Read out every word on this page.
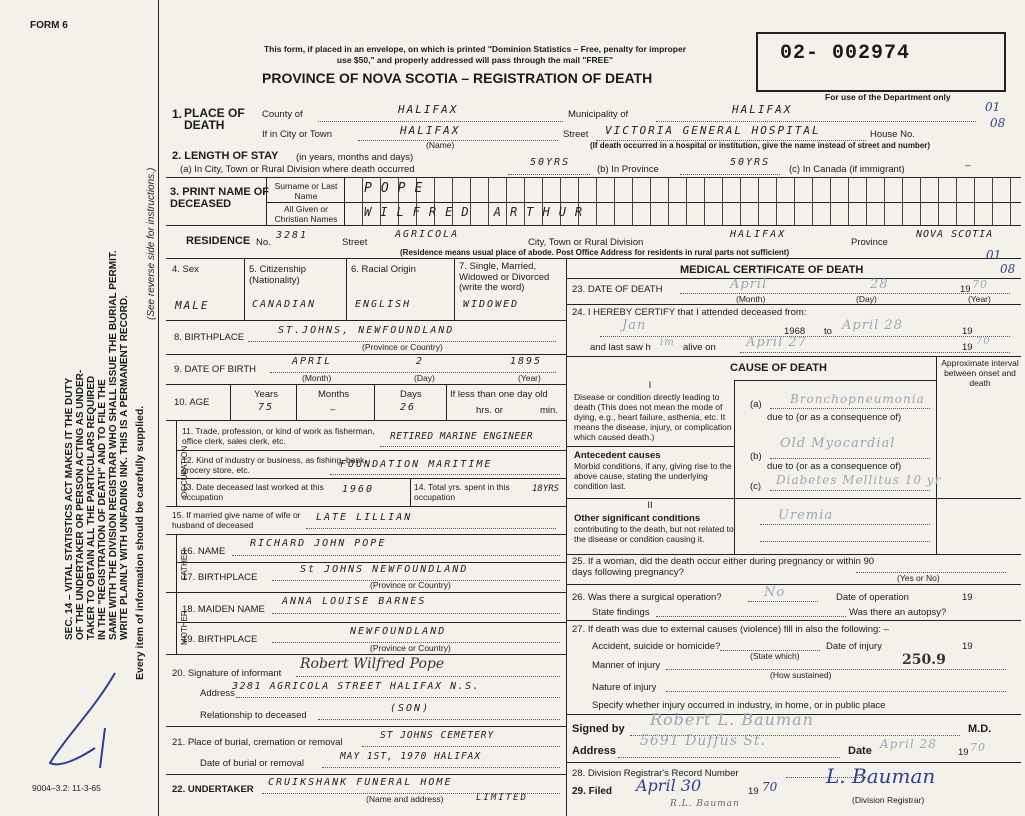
FORM 6
SEC. 14 – VITAL STATISTICS ACT MAKES IT THE DUTY OF THE UNDERTAKER OR PERSON ACTING AS UNDER- TAKER TO OBTAIN ALL THE PARTICULARS REQUIRED IN THE "REGISTRATION OF DEATH" AND TO FILE THE SAME WITH THE DIVISION REGISTRAR WHO SHALL ISSUE THE BURIAL PERMIT. WRITE PLAINLY WITH UNFADING INK. THIS IS A PERMANENT RECORD. Every item of information should be carefully supplied.
(See reverse side for instructions.)
9004–3.2: 11-3-65
This form, if placed in an envelope, on which is printed "Dominion Statistics – Free, penalty for improper
use $50," and properly addressed will pass through the mail "FREE"
PROVINCE OF NOVA SCOTIA – REGISTRATION OF DEATH
02- 002974
For use of the Department only
01
08
1. PLACE OF DEATH
County of	HALIFAX	Municipality of	HALIFAX
If in City or Town	HALIFAX
(Name)
Street VICTORIA GENERAL HOSPITAL	House No.
(If death occurred in a hospital or institution, give the name instead of street and number)
2. LENGTH OF STAY (in years, months and days)
(a) In City, Town or Rural Division where death occurred
50YRS
(b) In Province
50YRS
(c) In Canada (if immigrant)	–
3. PRINT NAME OF DECEASED
Surname or Last Name
All Given or Christian Names
POPE
WILFRED ARTHUR
RESIDENCE No.
3281
Street
AGRICOLA
City, Town or Rural Division
HALIFAX
Province
NOVA SCOTIA
(Residence means usual place of abode. Post Office Address for residents in rural parts not sufficient)
4. Sex
MALE
5. Citizenship (Nationality)
CANADIAN
6. Racial Origin
ENGLISH
7. Single, Married, Widowed or Divorced (write the word)
WIDOWED
8. BIRTHPLACE
ST.JOHNS, NEWFOUNDLAND
(Province or Country)
9. DATE OF BIRTH
APRIL	2	1895
(Month)	(Day)	(Year)
10. AGE
Years
75
Months
–
Days
26
If less than one day old
hrs. or	min.
OCCUPATION
11. Trade, profession, or kind of work as fisherman, office clerk, sales clerk, etc.	RETIRED MARINE ENGINEER
12. Kind of industry or business, as fishing, bank, grocery store, etc.	FOUNDATION MARITIME
13. Date deceased last worked at this occupation
1960	14. Total yrs. spent in this occupation
18YRS
15. If married give name of wife or husband of deceased
LATE LILLIAN
FATHER
16. NAME
RICHARD JOHN POPE
17. BIRTHPLACE
St JOHNS NEWFOUNDLAND
(Province or Country)
MOTHER
18. MAIDEN NAME
ANNA LOUISE BARNES
19. BIRTHPLACE
NEWFOUNDLAND
(Province or Country)
20. Signature of informant
Robert Wilfred Pope
Address
3281 AGRICOLA STREET HALIFAX N.S.
Relationship to deceased
(SON)
21. Place of burial, cremation or removal
ST JOHNS CEMETERY
Date of burial or removal
MAY 1ST, 1970 HALIFAX
22. UNDERTAKER
CRUIKSHANK FUNERAL HOME
(Name and address)	LIMITED
MEDICAL CERTIFICATE OF DEATH
23. DATE OF DEATH	April	28	19 70
(Month)	(Day)	(Year)
01
08
24. I HEREBY CERTIFY that I attended deceased from:
Jan	1968 to April 28	19
and last saw h im alive on April 27	19
70
CAUSE OF DEATH	Approximate interval between onset and death
I
Disease or condition directly leading to death (This does not mean the mode of dying, e.g., heart failure, asthenia, etc. It means the disease, injury, or complication which caused death.)
(a) Bronchopneumonia
due to (or as a consequence of)
Antecedent causes
Morbid conditions, if any, giving rise to the above cause, stating the underlying condition last.
(b)
Old Myocardial
due to (or as a consequence of)
(c) Diabetes Mellitus 10 yr
II
Other significant conditions
contributing to the death, but not related to the disease or condition causing it.
Uremia
25. If a woman, did the death occur either during pregnancy or within 90 days following pregnancy?	(Yes or No)
26. Was there a surgical operation?	No	Date of operation	19
State findings	Was there an autopsy?
27. If death was due to external causes (violence) fill in also the following: –
Accident, suicide or homicide?
(State which)
Date of injury	19
Manner of injury	250.9
(How sustained)
Nature of injury
Specify whether injury occurred in industry, in home, or in public place
Signed by Robert L. Bauman	M.D.
Address
5691 Duffus St.
Date April 28
19 70
28. Division Registrar's Record Number
29. Filed April 30	19 70 L. Bauman
(Division Registrar)
R.L. Bauman
